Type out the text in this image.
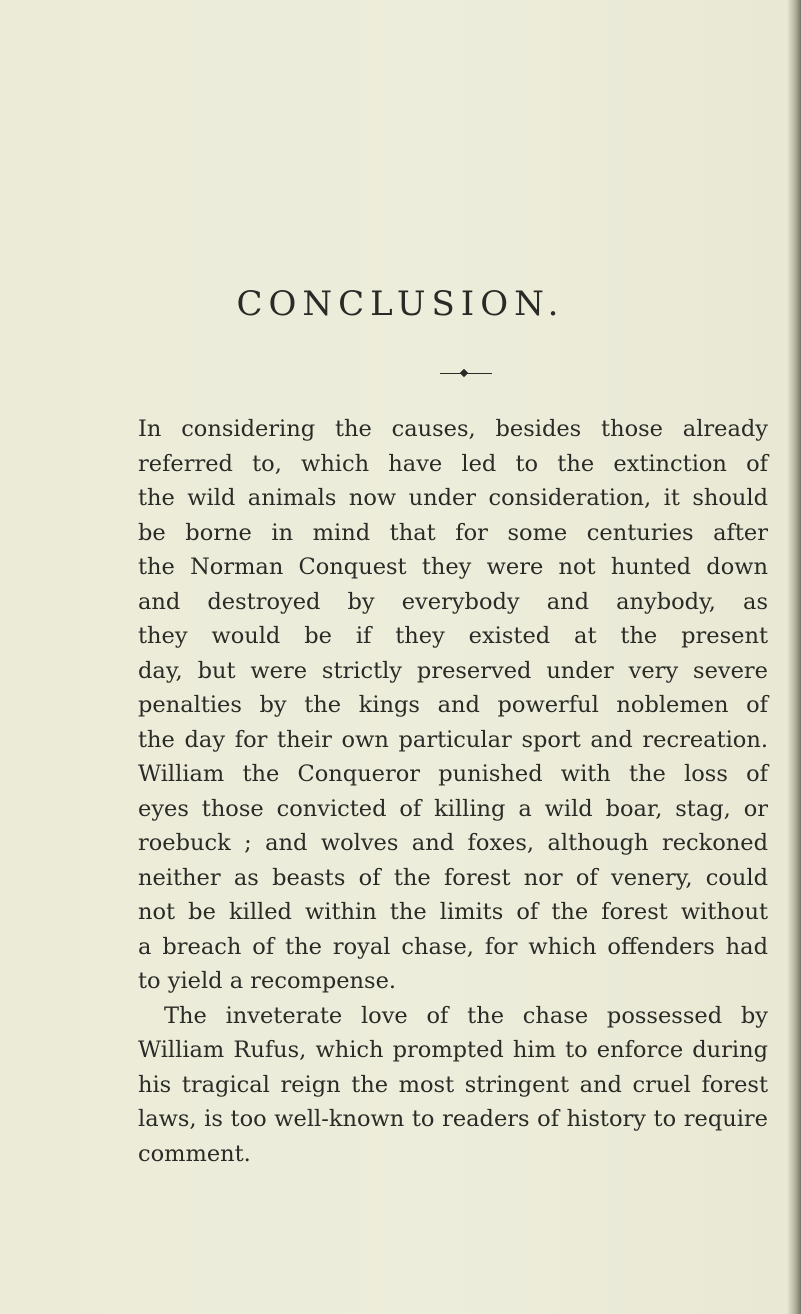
CONCLUSION.
In considering the causes, besides those already
referred to, which have led to the extinction of
the wild animals now under consideration, it should
be borne in mind that for some centuries after
the Norman Conquest they were not hunted down
and destroyed by everybody and anybody, as
they would be if they existed at the present
day, but were strictly preserved under very severe
penalties by the kings and powerful noblemen of
the day for their own particular sport and recreation.
William the Conqueror punished with the loss of
eyes those convicted of killing a wild boar, stag, or
roebuck ; and wolves and foxes, although reckoned
neither as beasts of the forest nor of venery, could
not be killed within the limits of the forest without
a breach of the royal chase, for which offenders had
to yield a recompense.
The inveterate love of the chase possessed by
William Rufus, which prompted him to enforce during
his tragical reign the most stringent and cruel forest
laws, is too well-known to readers of history to require
comment.
